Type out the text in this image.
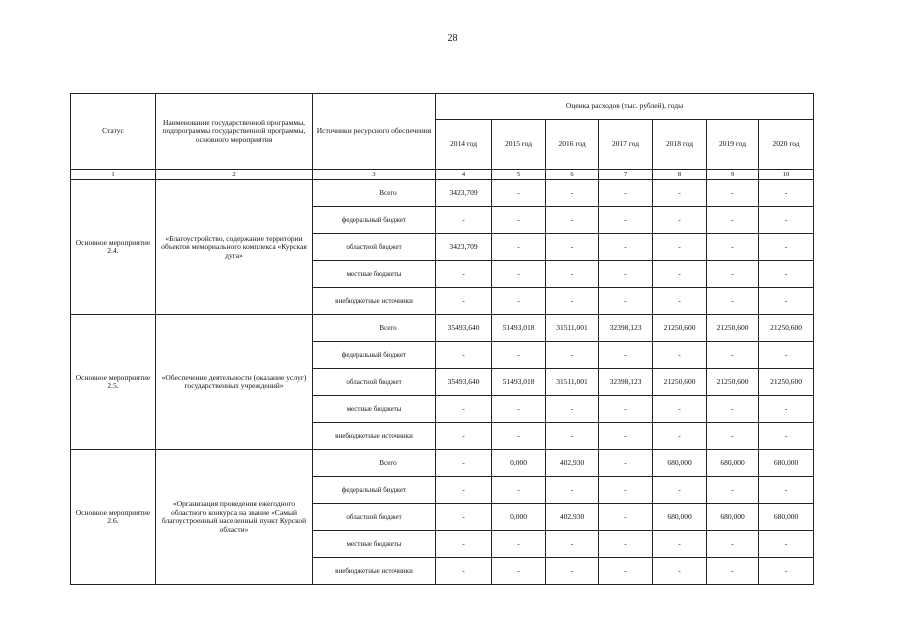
28
Статус	Наименование государственной программы, подпрограммы государственной программы, основного мероприятия	Источники ресурсного обеспечения	Оценка расходов (тыс. рублей), годы						
			2014 год	2015 год	2016 год	2017 год	2018 год	2019 год	2020 год
1	2	3	4	5	6	7	8	9	10
Основное мероприятие 2.4.	«Благоустройство, содержание территории объектов мемориального комплекса «Курская дуга»	Всего	3423,709	-	-	-	-	-	-
		федеральный бюджет	-	-	-	-	-	-	-
		областной бюджет	3423,709	-	-	-	-	-	-
		местные бюджеты	-	-	-	-	-	-	-
		внебюджетные источники	-	-	-	-	-	-	-
Основное мероприятие 2.5.	«Обеспечение деятельности (оказание услуг) государственных учреждений»	Всего	35493,640	51493,018	31511,001	32398,123	21250,600	21250,600	21250,600
		федеральный бюджет	-	-	-	-	-	-	-
		областной бюджет	35493,640	51493,018	31511,001	32398,123	21250,600	21250,600	21250,600
		местные бюджеты	-	-	-	-	-	-	-
		внебюджетные источники	-	-	-	-	-	-	-
Основное мероприятие 2.6.	«Организация проведения ежегодного областного конкурса на звание «Самый благоустроенный населенный пункт Курской области»	Всего	-	0,000	402,930	-	680,000	680,000	680,000
		федеральный бюджет	-	-	-	-	-	-	-
		областной бюджет	-	0,000	402,930	-	680,000	680,000	680,000
		местные бюджеты	-	-	-	-	-	-	-
		внебюджетные источники	-	-	-	-	-	-	-
